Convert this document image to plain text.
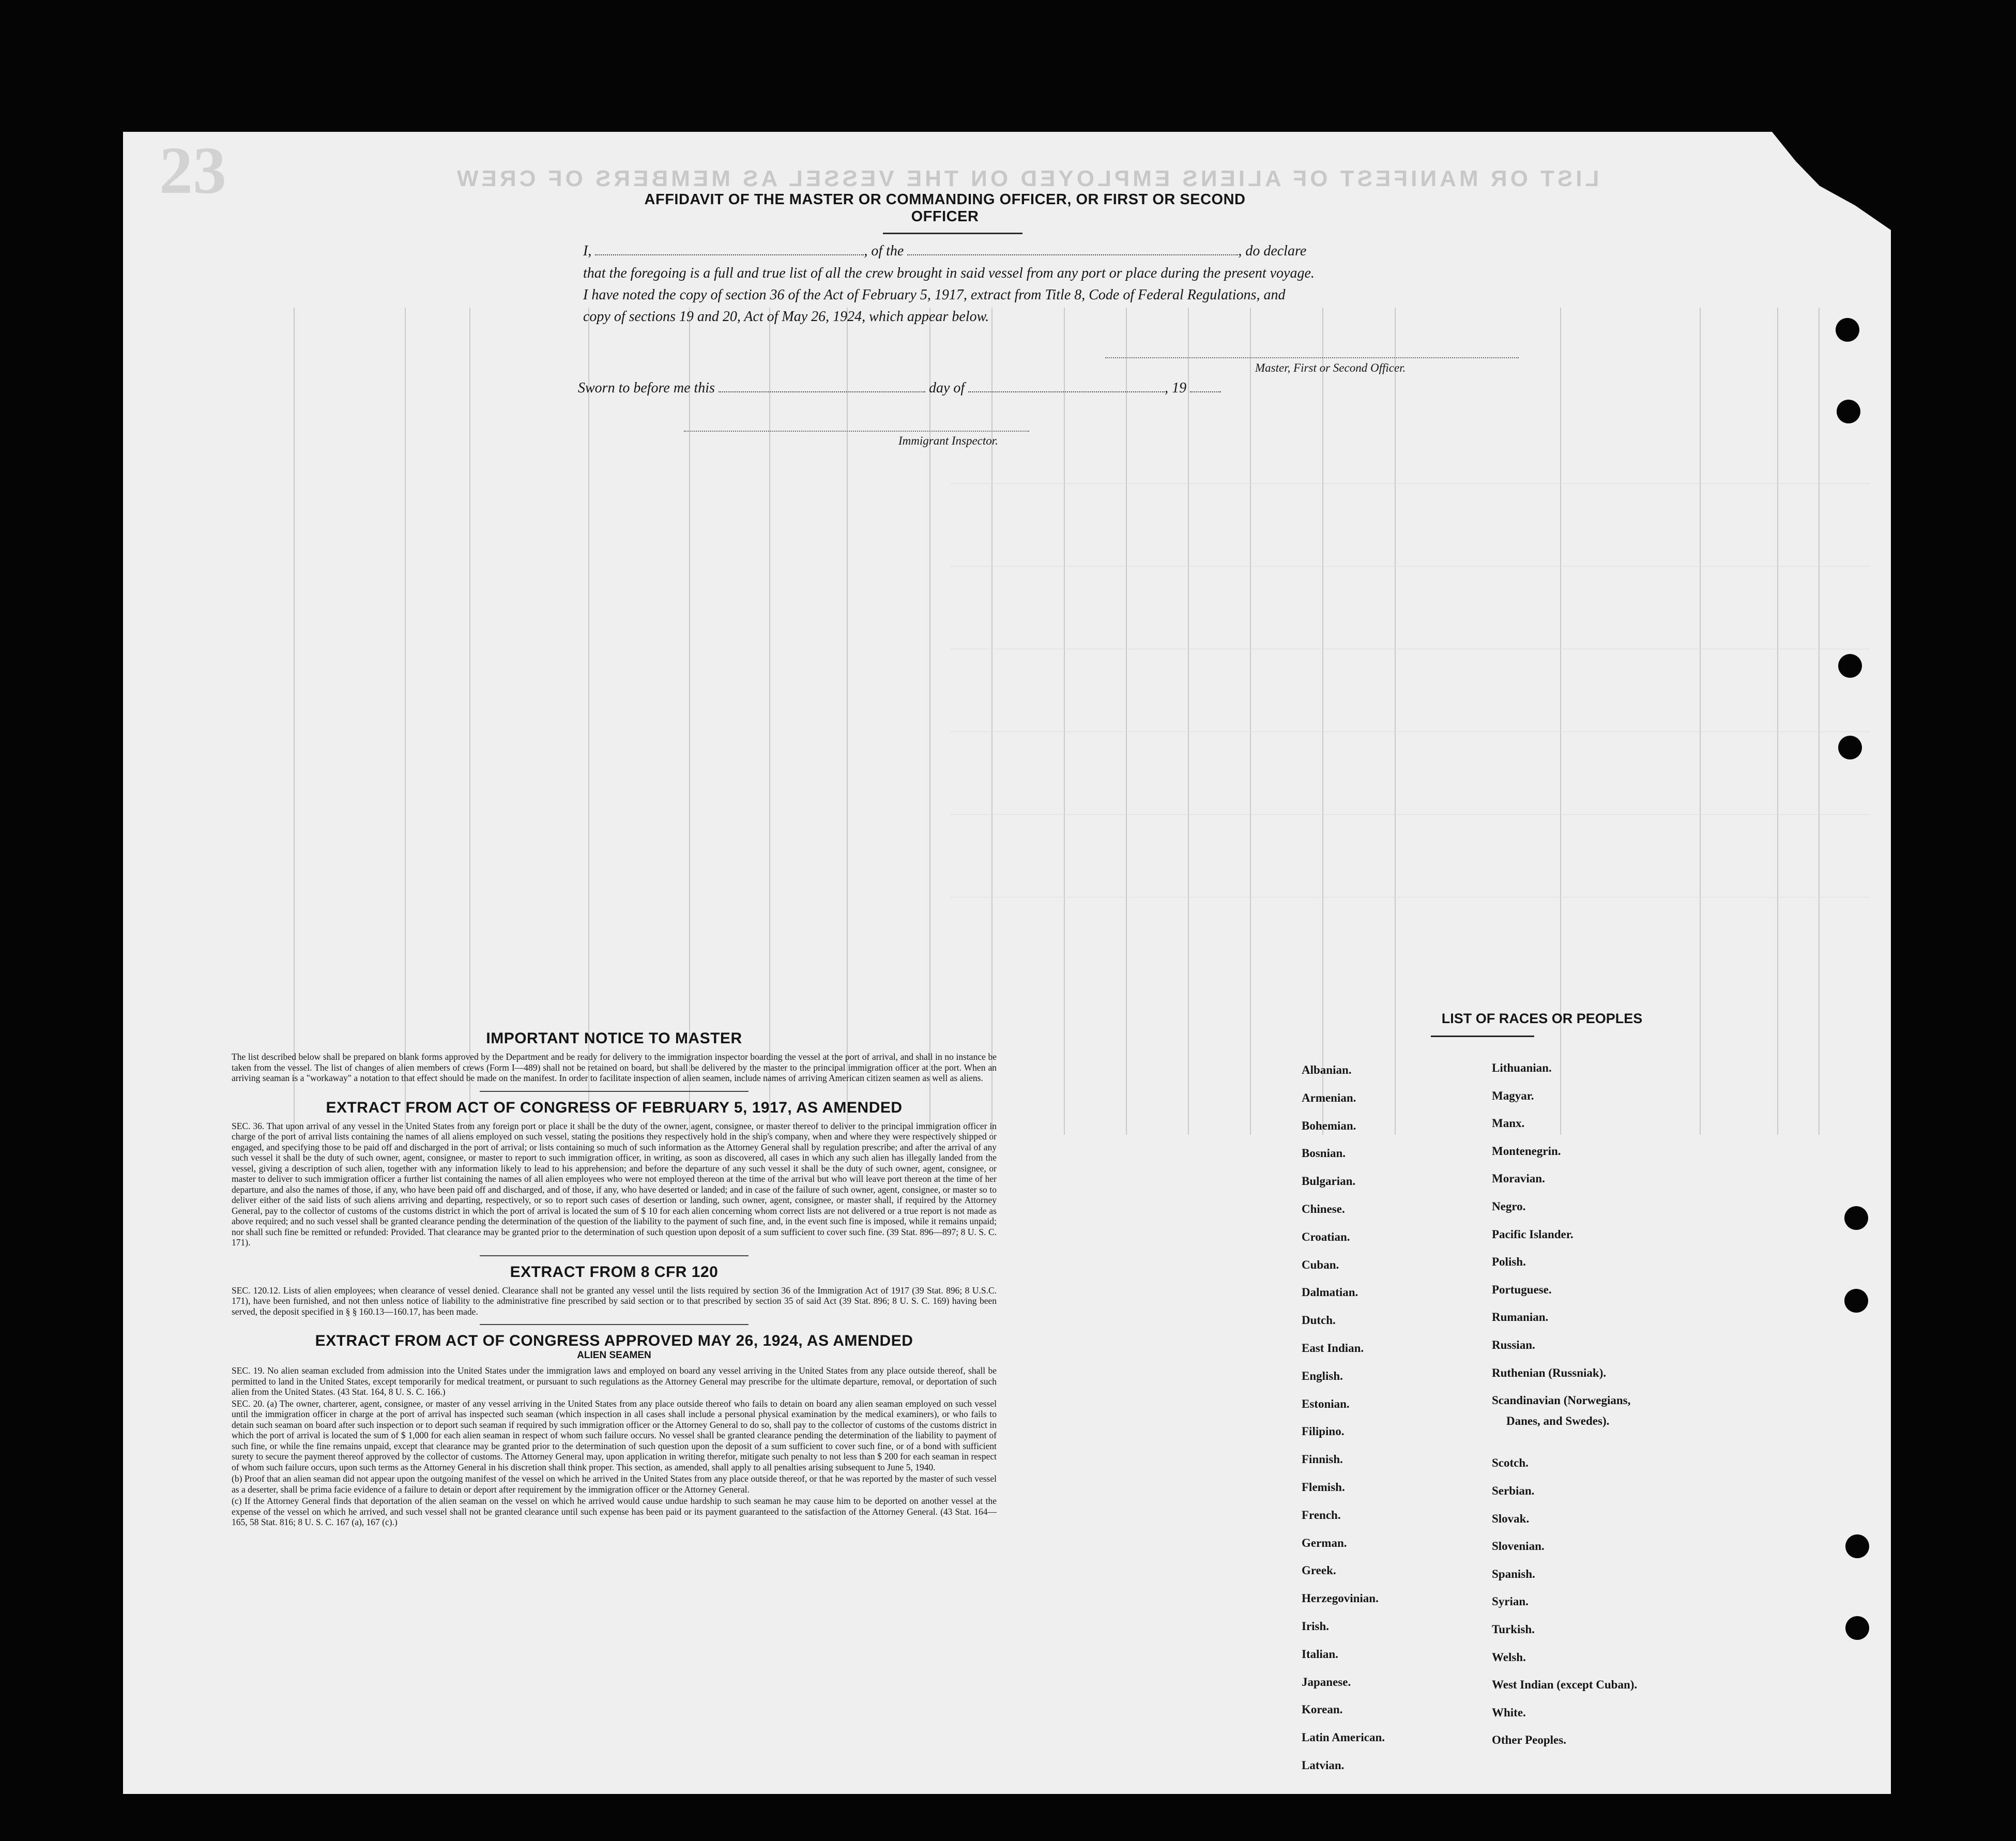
23	LIST OR MANIFEST OF ALIENS EMPLOYED ON THE VESSEL AS MEMBERS OF CREW
AFFIDAVIT OF THE MASTER OR COMMANDING OFFICER, OR FIRST OR SECOND OFFICER
I,	, of the	, do declare
that the foregoing is a full and true list of all the crew brought in said vessel from any port or place during the present voyage.
I have noted the copy of section 36 of the Act of February 5, 1917, extract from Title 8, Code of Federal Regulations, and
copy of sections 19 and 20, Act of May 26, 1924, which appear below.
Master, First or Second Officer.
Sworn to before me this	day of	, 19
Immigrant Inspector.
LIST OF RACES OR PEOPLES
Albanian.
Armenian.
Bohemian.
Bosnian.
Bulgarian.
Chinese.
Croatian.
Cuban.
Dalmatian.
Dutch.
East Indian.
English.
Estonian.
Filipino.
Finnish.
Flemish.
French.
German.
Greek.
Herzegovinian.
Irish.
Italian.
Japanese.
Korean.
Latin American.
Latvian.
Lithuanian.
Magyar.
Manx.
Montenegrin.
Moravian.
Negro.
Pacific Islander.
Polish.
Portuguese.
Rumanian.
Russian.
Ruthenian (Russniak).
Scandinavian (Norwegians,
Danes, and Swedes).
Scotch.
Serbian.
Slovak.
Slovenian.
Spanish.
Syrian.
Turkish.
Welsh.
West Indian (except Cuban).
White.
Other Peoples.
IMPORTANT NOTICE TO MASTER

The list described below shall be prepared on blank forms approved by the Department and be ready for delivery to the immigration inspector boarding the vessel at the port of arrival, and shall in no instance be taken from the vessel. The list of changes of alien members of crews (Form I—489) shall not be retained on board, but shall be delivered by the master to the principal immigration officer at the port. When an arriving seaman is a "workaway" a notation to that effect should be made on the manifest. In order to facilitate inspection of alien seamen, include names of arriving American citizen seamen as well as aliens.

EXTRACT FROM ACT OF CONGRESS OF FEBRUARY 5, 1917, AS AMENDED

SEC. 36. That upon arrival of any vessel in the United States from any foreign port or place it shall be the duty of the owner, agent, consignee, or master thereof to deliver to the principal immigration officer in charge of the port of arrival lists containing the names of all aliens employed on such vessel, stating the positions they respectively hold in the ship's company, when and where they were respectively shipped or engaged, and specifying those to be paid off and discharged in the port of arrival; or lists containing so much of such information as the Attorney General shall by regulation prescribe; and after the arrival of any such vessel it shall be the duty of such owner, agent, consignee, or master to report to such immigration officer, in writing, as soon as discovered, all cases in which any such alien has illegally landed from the vessel, giving a description of such alien, together with any information likely to lead to his apprehension; and before the departure of any such vessel it shall be the duty of such owner, agent, consignee, or master to deliver to such immigration officer a further list containing the names of all alien employees who were not employed thereon at the time of the arrival but who will leave port thereon at the time of her departure, and also the names of those, if any, who have been paid off and discharged, and of those, if any, who have deserted or landed; and in case of the failure of such owner, agent, consignee, or master so to deliver either of the said lists of such aliens arriving and departing, respectively, or so to report such cases of desertion or landing, such owner, agent, consignee, or master shall, if required by the Attorney General, pay to the collector of customs of the customs district in which the port of arrival is located the sum of $ 10 for each alien concerning whom correct lists are not delivered or a true report is not made as above required; and no such vessel shall be granted clearance pending the determination of the question of the liability to the payment of such fine, and, in the event such fine is imposed, while it remains unpaid; nor shall such fine be remitted or refunded: Provided. That clearance may be granted prior to the determination of such question upon deposit of a sum sufficient to cover such fine. (39 Stat. 896—897; 8 U. S. C. 171).

EXTRACT FROM 8 CFR 120

SEC. 120.12. Lists of alien employees; when clearance of vessel denied. Clearance shall not be granted any vessel until the lists required by section 36 of the Immigration Act of 1917 (39 Stat. 896; 8 U.S.C. 171), have been furnished, and not then unless notice of liability to the administrative fine prescribed by said section or to that prescribed by section 35 of said Act (39 Stat. 896; 8 U. S. C. 169) having been served, the deposit specified in § § 160.13—160.17, has been made.

EXTRACT FROM ACT OF CONGRESS APPROVED MAY 26, 1924, AS AMENDED
ALIEN SEAMEN

SEC. 19. No alien seaman excluded from admission into the United States under the immigration laws and employed on board any vessel arriving in the United States from any place outside thereof, shall be permitted to land in the United States, except temporarily for medical treatment, or pursuant to such regulations as the Attorney General may prescribe for the ultimate departure, removal, or deportation of such alien from the United States. (43 Stat. 164, 8 U. S. C. 166.)

SEC. 20. (a) The owner, charterer, agent, consignee, or master of any vessel arriving in the United States from any place outside thereof who fails to detain on board any alien seaman employed on such vessel until the immigration officer in charge at the port of arrival has inspected such seaman (which inspection in all cases shall include a personal physical examination by the medical examiners), or who fails to detain such seaman on board after such inspection or to deport such seaman if required by such immigration officer or the Attorney General to do so, shall pay to the collector of customs of the customs district in which the port of arrival is located the sum of $ 1,000 for each alien seaman in respect of whom such failure occurs. No vessel shall be granted clearance pending the determination of the liability to payment of such fine, or while the fine remains unpaid, except that clearance may be granted prior to the determination of such question upon the deposit of a sum sufficient to cover such fine, or of a bond with sufficient surety to secure the payment thereof approved by the collector of customs. The Attorney General may, upon application in writing therefor, mitigate such penalty to not less than $ 200 for each seaman in respect of whom such failure occurs, upon such terms as the Attorney General in his discretion shall think proper. This section, as amended, shall apply to all penalties arising subsequent to June 5, 1940.

(b) Proof that an alien seaman did not appear upon the outgoing manifest of the vessel on which he arrived in the United States from any place outside thereof, or that he was reported by the master of such vessel as a deserter, shall be prima facie evidence of a failure to detain or deport after requirement by the immigration officer or the Attorney General.

(c) If the Attorney General finds that deportation of the alien seaman on the vessel on which he arrived would cause undue hardship to such seaman he may cause him to be deported on another vessel at the expense of the vessel on which he arrived, and such vessel shall not be granted clearance until such expense has been paid or its payment guaranteed to the satisfaction of the Attorney General. (43 Stat. 164—165, 58 Stat. 816; 8 U. S. C. 167 (a), 167 (c).)
